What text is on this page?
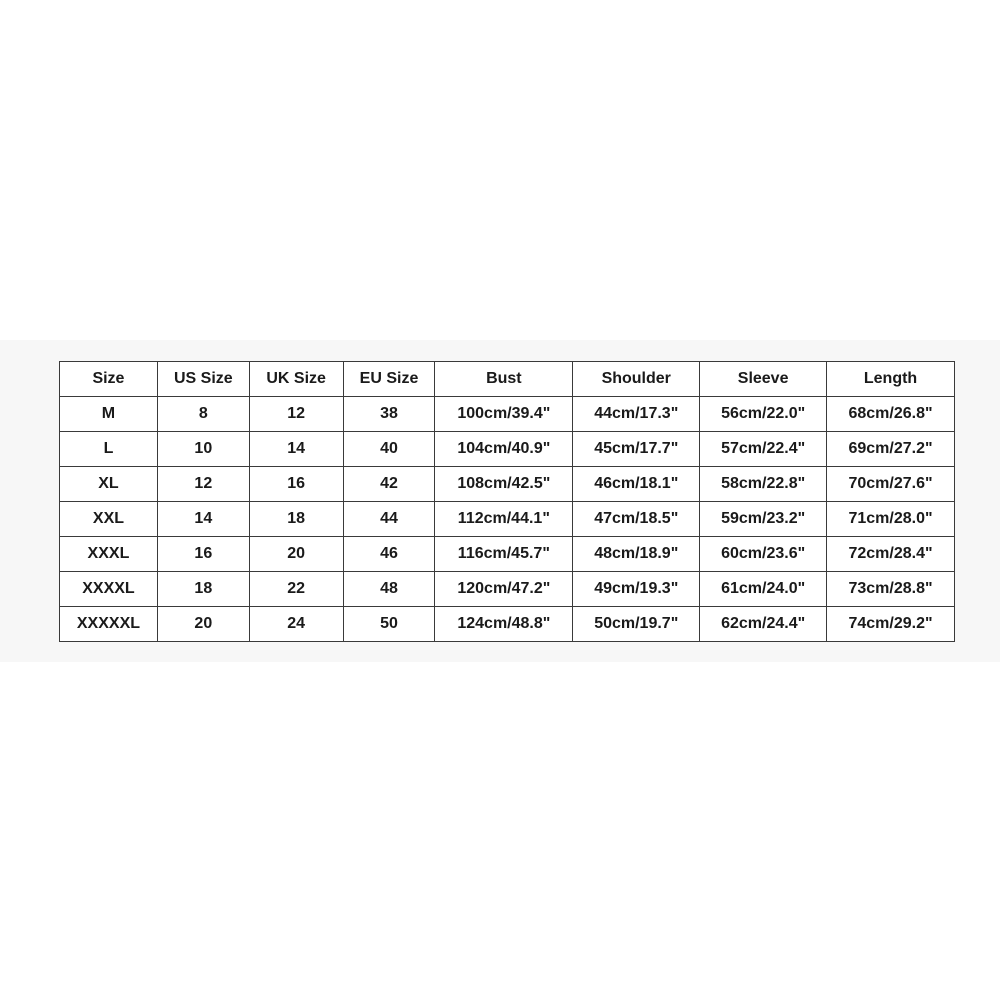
Size	US Size	UK Size	EU Size	Bust	Shoulder	Sleeve	Length
M	8	12	38	100cm/39.4"	44cm/17.3"	56cm/22.0"	68cm/26.8"
L	10	14	40	104cm/40.9"	45cm/17.7"	57cm/22.4"	69cm/27.2"
XL	12	16	42	108cm/42.5"	46cm/18.1"	58cm/22.8"	70cm/27.6"
XXL	14	18	44	112cm/44.1"	47cm/18.5"	59cm/23.2"	71cm/28.0"
XXXL	16	20	46	116cm/45.7"	48cm/18.9"	60cm/23.6"	72cm/28.4"
XXXXL	18	22	48	120cm/47.2"	49cm/19.3"	61cm/24.0"	73cm/28.8"
XXXXXL	20	24	50	124cm/48.8"	50cm/19.7"	62cm/24.4"	74cm/29.2"
